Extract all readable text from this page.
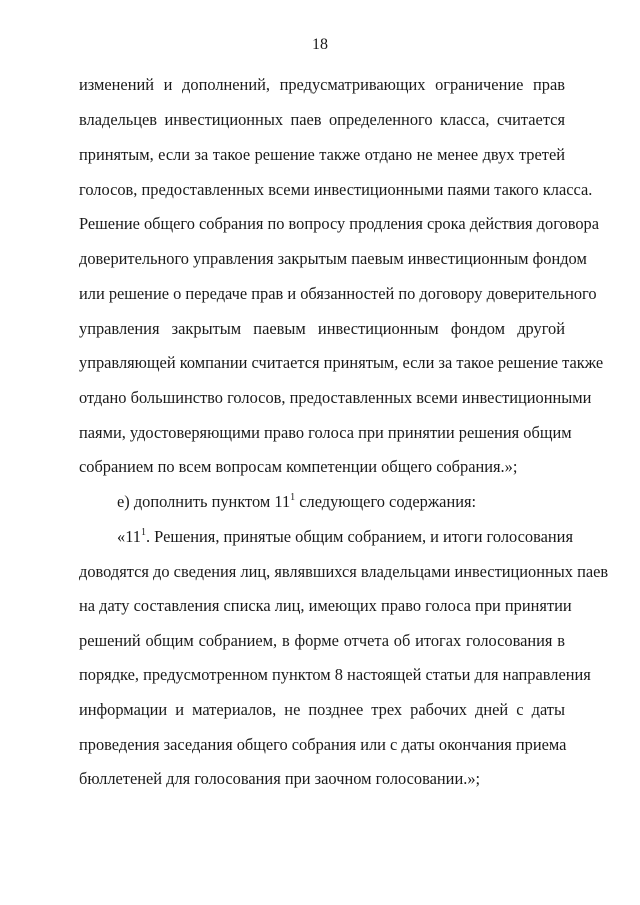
18
изменений и дополнений, предусматривающих ограничение прав
владельцев инвестиционных паев определенного класса, считается
принятым, если за такое решение также отдано не менее двух третей
голосов, предоставленных всеми инвестиционными паями такого класса.
Решение общего собрания по вопросу продления срока действия договора
доверительного управления закрытым паевым инвестиционным фондом
или решение о передаче прав и обязанностей по договору доверительного
управления закрытым паевым инвестиционным фондом другой
управляющей компании считается принятым, если за такое решение также
отдано большинство голосов, предоставленных всеми инвестиционными
паями, удостоверяющими право голоса при принятии решения общим
собранием по всем вопросам компетенции общего собрания.»;
е) дополнить пунктом $11^1$ следующего содержания:
«$11^1$. Решения, принятые общим собранием, и итоги голосования
доводятся до сведения лиц, являвшихся владельцами инвестиционных паев
на дату составления списка лиц, имеющих право голоса при принятии
решений общим собранием, в форме отчета об итогах голосования в
порядке, предусмотренном пунктом 8 настоящей статьи для направления
информации и материалов, не позднее трех рабочих дней с даты
проведения заседания общего собрания или с даты окончания приема
бюллетеней для голосования при заочном голосовании.»;
